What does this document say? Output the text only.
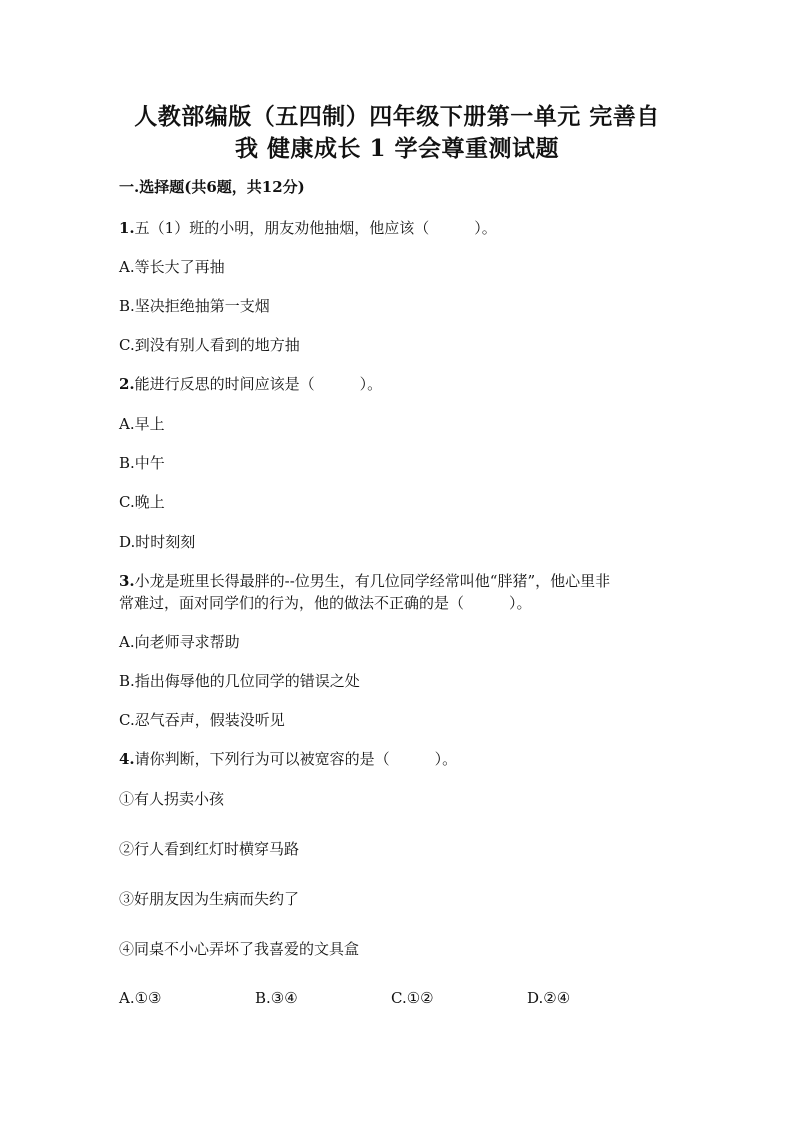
人教部编版（五四制）四年级下册第一单元 完善自
我 健康成长 1 学会尊重测试题
一.选择题(共6题，共12分)
1.五（1）班的小明，朋友劝他抽烟，他应该（　　　）。
A.等长大了再抽
B.坚决拒绝抽第一支烟
C.到没有别人看到的地方抽
2.能进行反思的时间应该是（　　　）。
A.早上
B.中午
C.晚上
D.时时刻刻
3.小龙是班里长得最胖的--位男生，有几位同学经常叫他“胖猪”，他心里非
常难过，面对同学们的行为，他的做法不正确的是（　　　）。
A.向老师寻求帮助
B.指出侮辱他的几位同学的错误之处
C.忍气吞声，假装没听见
4.请你判断，下列行为可以被宽容的是（　　　）。
①有人拐卖小孩
②行人看到红灯时横穿马路
③好朋友因为生病而失约了
④同桌不小心弄坏了我喜爱的文具盒
A.①③	B.③④	C.①②	D.②④
